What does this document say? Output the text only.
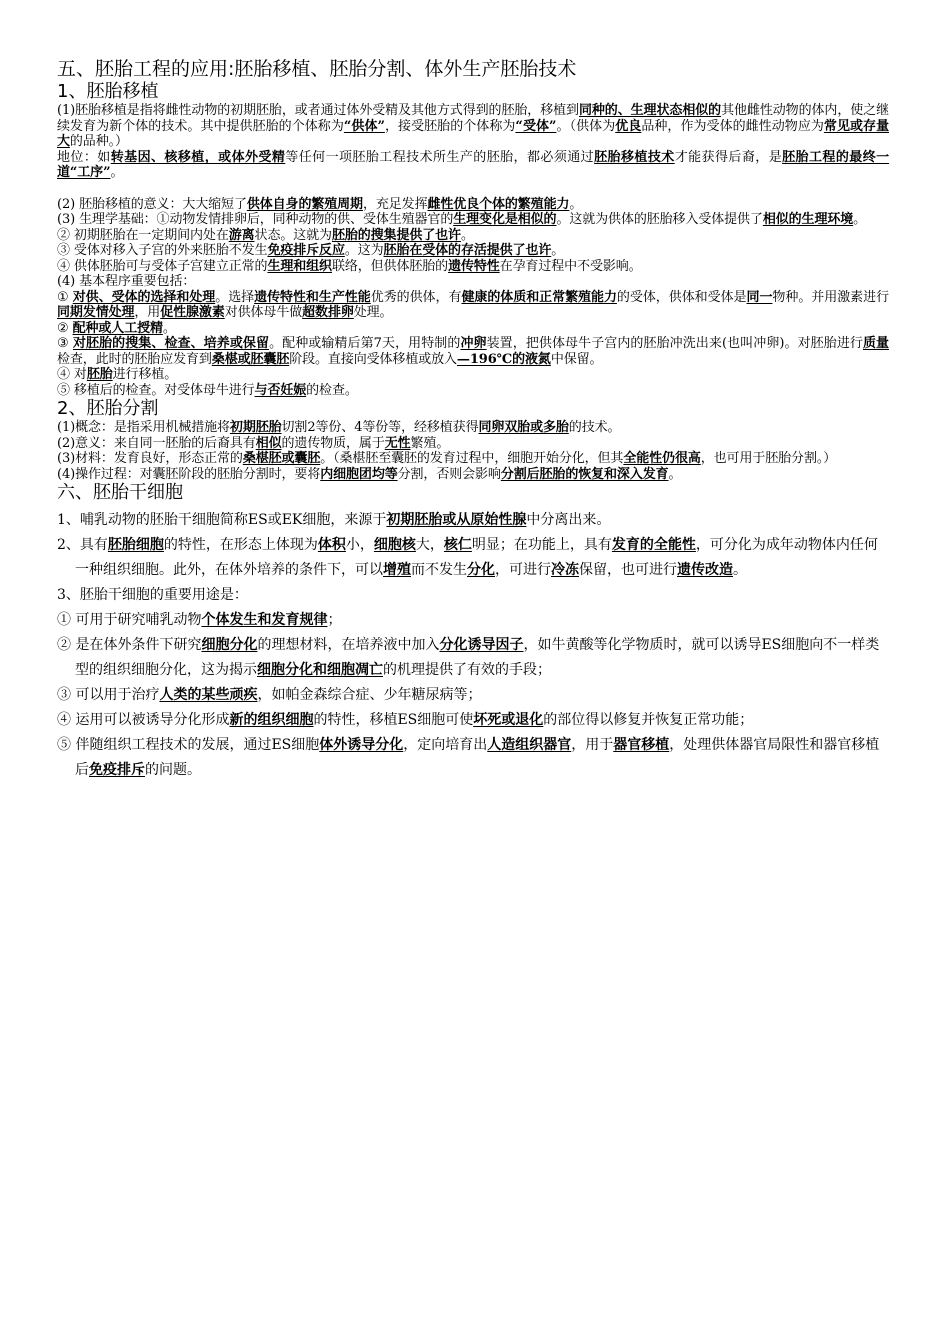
五、胚胎工程的应用:胚胎移植、胚胎分割、体外生产胚胎技术
1、胚胎移植

(1)胚胎移植是指将雌性动物的初期胚胎，或者通过体外受精及其他方式得到的胚胎，移植到同种的、生理状态相似的其他雌性动物的体内，使之继续发育为新个体的技术。其中提供胚胎的个体称为“供体”，接受胚胎的个体称为“受体”。（供体为优良品种，作为受体的雌性动物应为常见或存量大的品种。）

地位：如转基因、核移植，或体外受精等任何一项胚胎工程技术所生产的胚胎，都必须通过胚胎移植技术才能获得后裔，是胚胎工程的最终一道“工序”。

(2) 胚胎移植的意义：大大缩短了供体自身的繁殖周期，充足发挥雌性优良个体的繁殖能力。

(3) 生理学基础：①动物发情排卵后，同种动物的供、受体生殖器官的生理变化是相似的。这就为供体的胚胎移入受体提供了相似的生理环境。

② 初期胚胎在一定期间内处在游离状态。这就为胚胎的搜集提供了也许。

③ 受体对移入子宫的外来胚胎不发生免疫排斥反应。这为胚胎在受体的存活提供了也许。

④ 供体胚胎可与受体子宫建立正常的生理和组织联络，但供体胚胎的遗传特性在孕育过程中不受影响。

(4) 基本程序重要包括：

① 对供、受体的选择和处理。选择遗传特性和生产性能优秀的供体，有健康的体质和正常繁殖能力的受体，供体和受体是同一物种。并用激素进行同期发情处理，用促性腺激素对供体母牛做超数排卵处理。

② 配种或人工授精。

③ 对胚胎的搜集、检查、培养或保留。配种或输精后第7天，用特制的冲卵装置，把供体母牛子宫内的胚胎冲洗出来(也叫冲卵)。对胚胎进行质量检查，此时的胚胎应发育到桑椹或胚囊胚阶段。直接向受体移植或放入—196℃的液氮中保留。

④ 对胚胎进行移植。

⑤ 移植后的检查。对受体母牛进行与否妊娠的检查。

2、胚胎分割

(1)概念：是指采用机械措施将初期胚胎切割2等份、4等份等，经移植获得同卵双胎或多胎的技术。

(2)意义：来自同一胚胎的后裔具有相似的遗传物质，属于无性繁殖。

(3)材料：发育良好，形态正常的桑椹胚或囊胚。（桑椹胚至囊胚的发育过程中，细胞开始分化，但其全能性仍很高，也可用于胚胎分割。）

(4)操作过程：对囊胚阶段的胚胎分割时，要将内细胞团均等分割，否则会影响分割后胚胎的恢复和深入发育。

六、胚胎干细胞

1、哺乳动物的胚胎干细胞简称ES或EK细胞，来源于初期胚胎或从原始性腺中分离出来。

2、具有胚胎细胞的特性，在形态上体现为体积小，细胞核大，核仁明显；在功能上，具有发育的全能性，可分化为成年动物体内任何一种组织细胞。此外，在体外培养的条件下，可以增殖而不发生分化，可进行冷冻保留，也可进行遗传改造。

3、胚胎干细胞的重要用途是：

① 可用于研究哺乳动物个体发生和发育规律；

② 是在体外条件下研究细胞分化的理想材料，在培养液中加入分化诱导因子，如牛黄酸等化学物质时，就可以诱导ES细胞向不一样类型的组织细胞分化，这为揭示细胞分化和细胞凋亡的机理提供了有效的手段；

③ 可以用于治疗人类的某些顽疾，如帕金森综合症、少年糖尿病等；

④ 运用可以被诱导分化形成新的组织细胞的特性，移植ES细胞可使坏死或退化的部位得以修复并恢复正常功能；

⑤ 伴随组织工程技术的发展，通过ES细胞体外诱导分化，定向培育出人造组织器官，用于器官移植，处理供体器官局限性和器官移植后免疫排斥的问题。
